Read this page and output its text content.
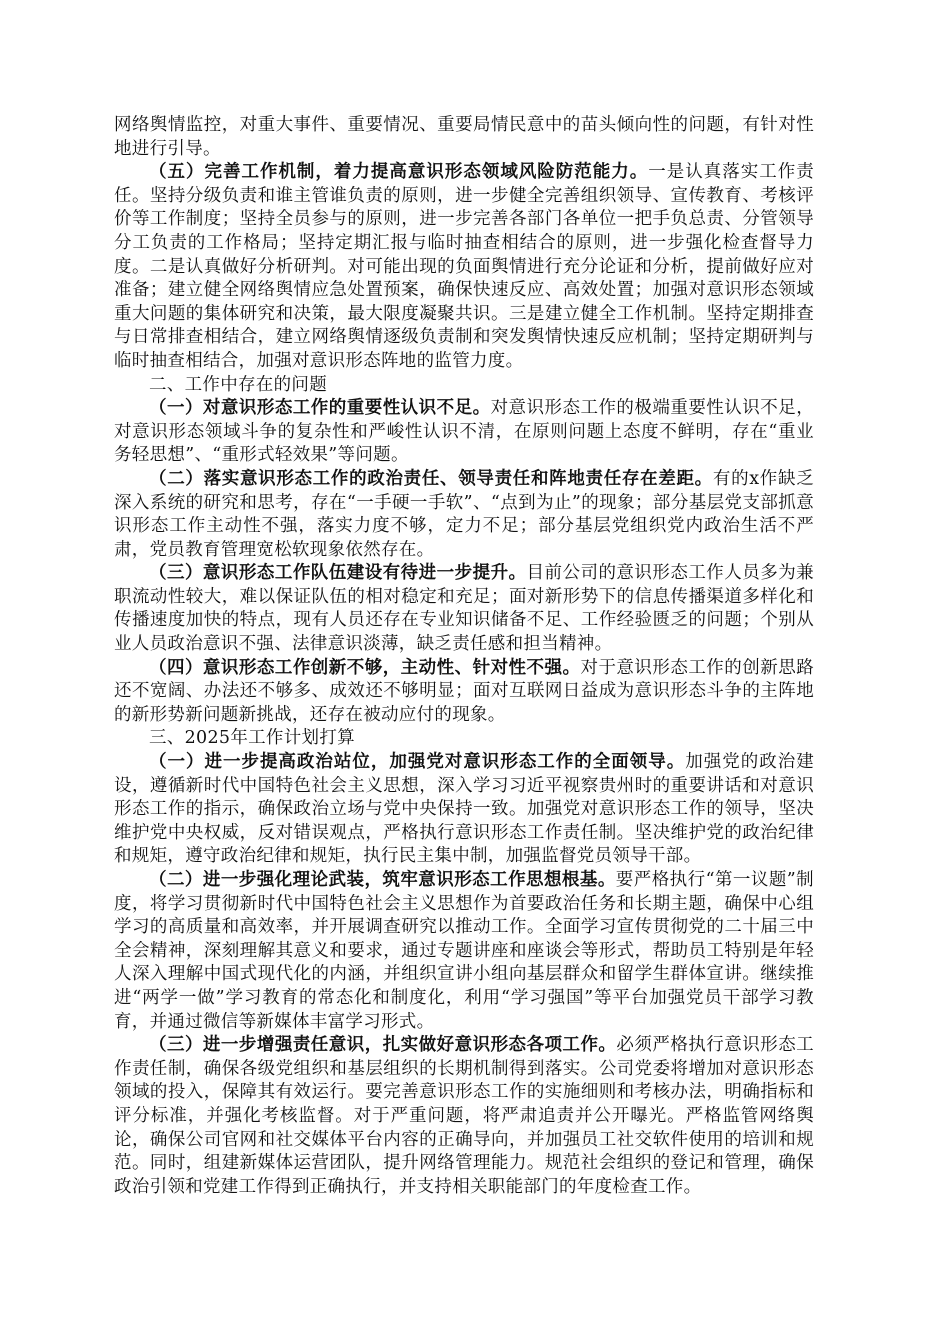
网络舆情监控，对重大事件、重要情况、重要局情民意中的苗头倾向性的问题，有针对性地进行引导。

（五）完善工作机制，着力提高意识形态领域风险防范能力。一是认真落实工作责任。坚持分级负责和谁主管谁负责的原则，进一步健全完善组织领导、宣传教育、考核评价等工作制度；坚持全员参与的原则，进一步完善各部门各单位一把手负总责、分管领导分工负责的工作格局；坚持定期汇报与临时抽查相结合的原则，进一步强化检查督导力度。二是认真做好分析研判。对可能出现的负面舆情进行充分论证和分析，提前做好应对准备；建立健全网络舆情应急处置预案，确保快速反应、高效处置；加强对意识形态领域重大问题的集体研究和决策，最大限度凝聚共识。三是建立健全工作机制。坚持定期排查与日常排查相结合，建立网络舆情逐级负责制和突发舆情快速反应机制；坚持定期研判与临时抽查相结合，加强对意识形态阵地的监管力度。

二、工作中存在的问题

（一）对意识形态工作的重要性认识不足。对意识形态工作的极端重要性认识不足，对意识形态领域斗争的复杂性和严峻性认识不清，在原则问题上态度不鲜明，存在“重业务轻思想”、“重形式轻效果”等问题。

（二）落实意识形态工作的政治责任、领导责任和阵地责任存在差距。有的x作缺乏深入系统的研究和思考，存在“一手硬一手软”、“点到为止”的现象；部分基层党支部抓意识形态工作主动性不强，落实力度不够，定力不足；部分基层党组织党内政治生活不严肃，党员教育管理宽松软现象依然存在。

（三）意识形态工作队伍建设有待进一步提升。目前公司的意识形态工作人员多为兼职流动性较大，难以保证队伍的相对稳定和充足；面对新形势下的信息传播渠道多样化和传播速度加快的特点，现有人员还存在专业知识储备不足、工作经验匮乏的问题；个别从业人员政治意识不强、法律意识淡薄，缺乏责任感和担当精神。

（四）意识形态工作创新不够，主动性、针对性不强。对于意识形态工作的创新思路还不宽阔、办法还不够多、成效还不够明显；面对互联网日益成为意识形态斗争的主阵地的新形势新问题新挑战，还存在被动应付的现象。

三、2025年工作计划打算

（一）进一步提高政治站位，加强党对意识形态工作的全面领导。加强党的政治建设，遵循新时代中国特色社会主义思想，深入学习习近平视察贵州时的重要讲话和对意识形态工作的指示，确保政治立场与党中央保持一致。加强党对意识形态工作的领导，坚决维护党中央权威，反对错误观点，严格执行意识形态工作责任制。坚决维护党的政治纪律和规矩，遵守政治纪律和规矩，执行民主集中制，加强监督党员领导干部。

（二）进一步强化理论武装，筑牢意识形态工作思想根基。要严格执行“第一议题”制度，将学习贯彻新时代中国特色社会主义思想作为首要政治任务和长期主题，确保中心组学习的高质量和高效率，并开展调查研究以推动工作。全面学习宣传贯彻党的二十届三中全会精神，深刻理解其意义和要求，通过专题讲座和座谈会等形式，帮助员工特别是年轻人深入理解中国式现代化的内涵，并组织宣讲小组向基层群众和留学生群体宣讲。继续推进“两学一做”学习教育的常态化和制度化，利用“学习强国”等平台加强党员干部学习教育，并通过微信等新媒体丰富学习形式。

（三）进一步增强责任意识，扎实做好意识形态各项工作。必须严格执行意识形态工作责任制，确保各级党组织和基层组织的长期机制得到落实。公司党委将增加对意识形态领域的投入，保障其有效运行。要完善意识形态工作的实施细则和考核办法，明确指标和评分标准，并强化考核监督。对于严重问题，将严肃追责并公开曝光。严格监管网络舆论，确保公司官网和社交媒体平台内容的正确导向，并加强员工社交软件使用的培训和规范。同时，组建新媒体运营团队，提升网络管理能力。规范社会组织的登记和管理，确保政治引领和党建工作得到正确执行，并支持相关职能部门的年度检查工作。
